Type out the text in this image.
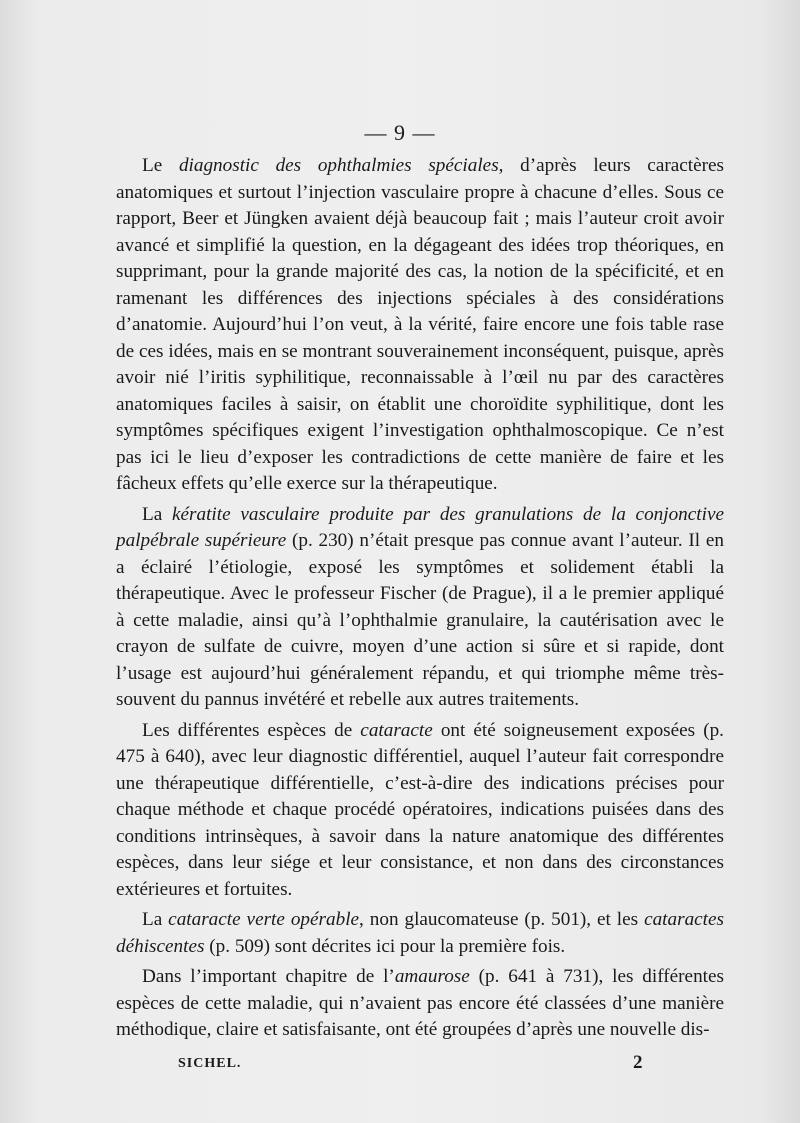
— 9 —

Le diagnostic des ophthalmies spéciales, d’après leurs caractères anatomiques et surtout l’injection vasculaire propre à chacune d’elles. Sous ce rapport, Beer et Jüngken avaient déjà beaucoup fait ; mais l’auteur croit avoir avancé et simplifié la question, en la dégageant des idées trop théoriques, en supprimant, pour la grande majorité des cas, la notion de la spécificité, et en ramenant les différences des injections spéciales à des considérations d’anatomie. Aujourd’hui l’on veut, à la vérité, faire encore une fois table rase de ces idées, mais en se montrant souverainement inconséquent, puisque, après avoir nié l’iritis syphilitique, reconnaissable à l’œil nu par des caractères anatomiques faciles à saisir, on établit une choroïdite syphilitique, dont les symptômes spécifiques exigent l’investigation ophthalmoscopique. Ce n’est pas ici le lieu d’exposer les contradictions de cette manière de faire et les fâcheux effets qu’elle exerce sur la thérapeutique.

La kératite vasculaire produite par des granulations de la conjonctive palpébrale supérieure (p. 230) n’était presque pas connue avant l’auteur. Il en a éclairé l’étiologie, exposé les symptômes et solidement établi la thérapeutique. Avec le professeur Fischer (de Prague), il a le premier appliqué à cette maladie, ainsi qu’à l’ophthalmie granulaire, la cautérisation avec le crayon de sulfate de cuivre, moyen d’une action si sûre et si rapide, dont l’usage est aujourd’hui généralement répandu, et qui triomphe même très-souvent du pannus invétéré et rebelle aux autres traitements.

Les différentes espèces de cataracte ont été soigneusement exposées (p. 475 à 640), avec leur diagnostic différentiel, auquel l’auteur fait correspondre une thérapeutique différentielle, c’est-à-dire des indications précises pour chaque méthode et chaque procédé opératoires, indications puisées dans des conditions intrinsèques, à savoir dans la nature anatomique des différentes espèces, dans leur siége et leur consistance, et non dans des circonstances extérieures et fortuites.

La cataracte verte opérable, non glaucomateuse (p. 501), et les cataractes déhiscentes (p. 509) sont décrites ici pour la première fois.

Dans l’important chapitre de l’amaurose (p. 641 à 731), les différentes espèces de cette maladie, qui n’avaient pas encore été classées d’une manière méthodique, claire et satisfaisante, ont été groupées d’après une nouvelle dis-

SICHEL.	2
